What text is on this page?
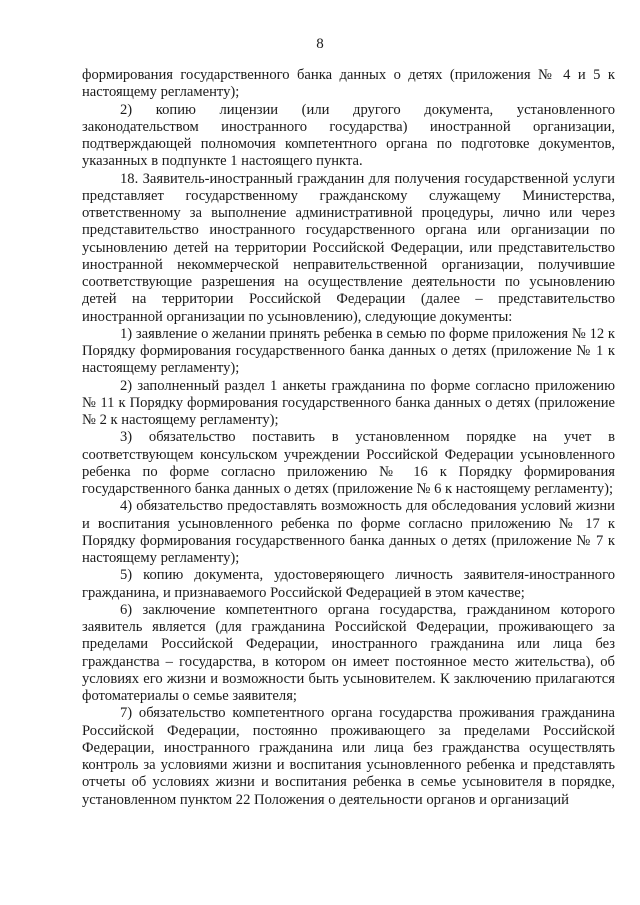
8

формирования государственного банка данных о детях (приложения № 4 и 5 к настоящему регламенту);

2) копию лицензии (или другого документа, установленного законодательством иностранного государства) иностранной организации, подтверждающей полномочия компетентного органа по подготовке документов, указанных в подпункте 1 настоящего пункта.

18. Заявитель-иностранный гражданин для получения государственной услуги представляет государственному гражданскому служащему Министерства, ответственному за выполнение административной процедуры, лично или через представительство иностранного государственного органа или организации по усыновлению детей на территории Российской Федерации, или представительство иностранной некоммерческой неправительственной организации, получившие соответствующие разрешения на осуществление деятельности по усыновлению детей на территории Российской Федерации (далее – представительство иностранной организации по усыновлению), следующие документы:

1) заявление о желании принять ребенка в семью по форме приложения № 12 к Порядку формирования государственного банка данных о детях (приложение № 1 к настоящему регламенту);

2) заполненный раздел 1 анкеты гражданина по форме согласно приложению № 11 к Порядку формирования государственного банка данных о детях (приложение № 2 к настоящему регламенту);

3) обязательство поставить в установленном порядке на учет в соответствующем консульском учреждении Российской Федерации усыновленного ребенка по форме согласно приложению № 16 к Порядку формирования государственного банка данных о детях (приложение № 6 к настоящему регламенту);

4) обязательство предоставлять возможность для обследования условий жизни и воспитания усыновленного ребенка по форме согласно приложению № 17 к Порядку формирования государственного банка данных о детях (приложение № 7 к настоящему регламенту);

5) копию документа, удостоверяющего личность заявителя-иностранного гражданина, и признаваемого Российской Федерацией в этом качестве;

6) заключение компетентного органа государства, гражданином которого заявитель является (для гражданина Российской Федерации, проживающего за пределами Российской Федерации, иностранного гражданина или лица без гражданства – государства, в котором он имеет постоянное место жительства), об условиях его жизни и возможности быть усыновителем. К заключению прилагаются фотоматериалы о семье заявителя;

7) обязательство компетентного органа государства проживания гражданина Российской Федерации, постоянно проживающего за пределами Российской Федерации, иностранного гражданина или лица без гражданства осуществлять контроль за условиями жизни и воспитания усыновленного ребенка и представлять отчеты об условиях жизни и воспитания ребенка в семье усыновителя в порядке, установленном пунктом 22 Положения о деятельности органов и организаций
